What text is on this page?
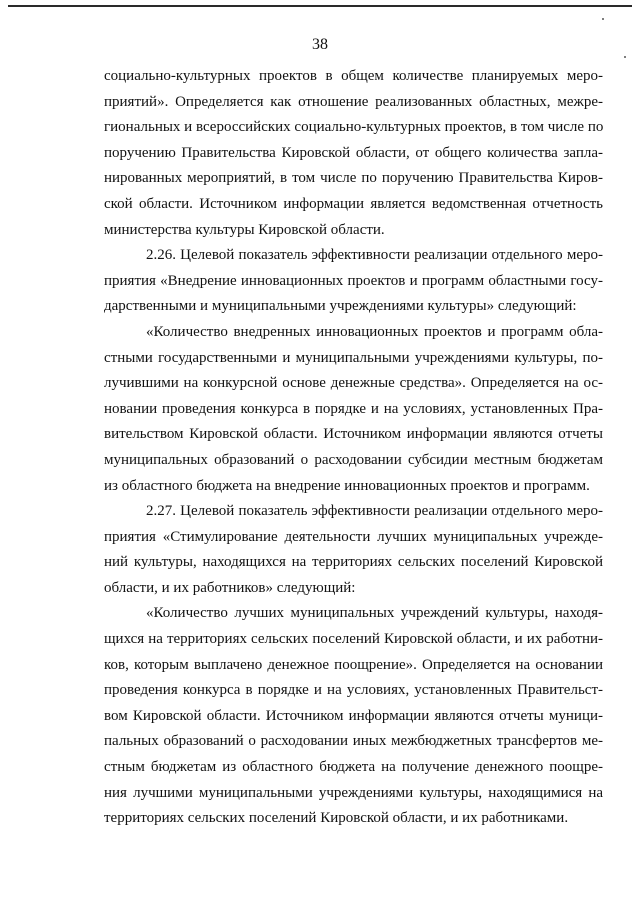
38
социально-культурных проектов в общем количестве планируемых меро-
приятий». Определяется как отношение реализованных областных, межре-
гиональных и всероссийских социально-культурных проектов, в том числе по
поручению Правительства Кировской области, от общего количества запла-
нированных мероприятий, в том числе по поручению Правительства Киров-
ской области. Источником информации является ведомственная отчетность
министерства культуры Кировской области.
2.26. Целевой показатель эффективности реализации отдельного меро-
приятия «Внедрение инновационных проектов и программ областными госу-
дарственными и муниципальными учреждениями культуры» следующий:
«Количество внедренных инновационных проектов и программ обла-
стными государственными и муниципальными учреждениями культуры, по-
лучившими на конкурсной основе денежные средства». Определяется на ос-
новании проведения конкурса в порядке и на условиях, установленных Пра-
вительством Кировской области. Источником информации являются отчеты
муниципальных образований о расходовании субсидии местным бюджетам
из областного бюджета на внедрение инновационных проектов и программ.
2.27. Целевой показатель эффективности реализации отдельного меро-
приятия «Стимулирование деятельности лучших муниципальных учрежде-
ний культуры, находящихся на территориях сельских поселений Кировской
области, и их работников» следующий:
«Количество лучших муниципальных учреждений культуры, находя-
щихся на территориях сельских поселений Кировской области, и их работни-
ков, которым выплачено денежное поощрение». Определяется на основании
проведения конкурса в порядке и на условиях, установленных Правительст-
вом Кировской области. Источником информации являются отчеты муници-
пальных образований о расходовании иных межбюджетных трансфертов ме-
стным бюджетам из областного бюджета на получение денежного поощре-
ния лучшими муниципальными учреждениями культуры, находящимися на
территориях сельских поселений Кировской области, и их работниками.
